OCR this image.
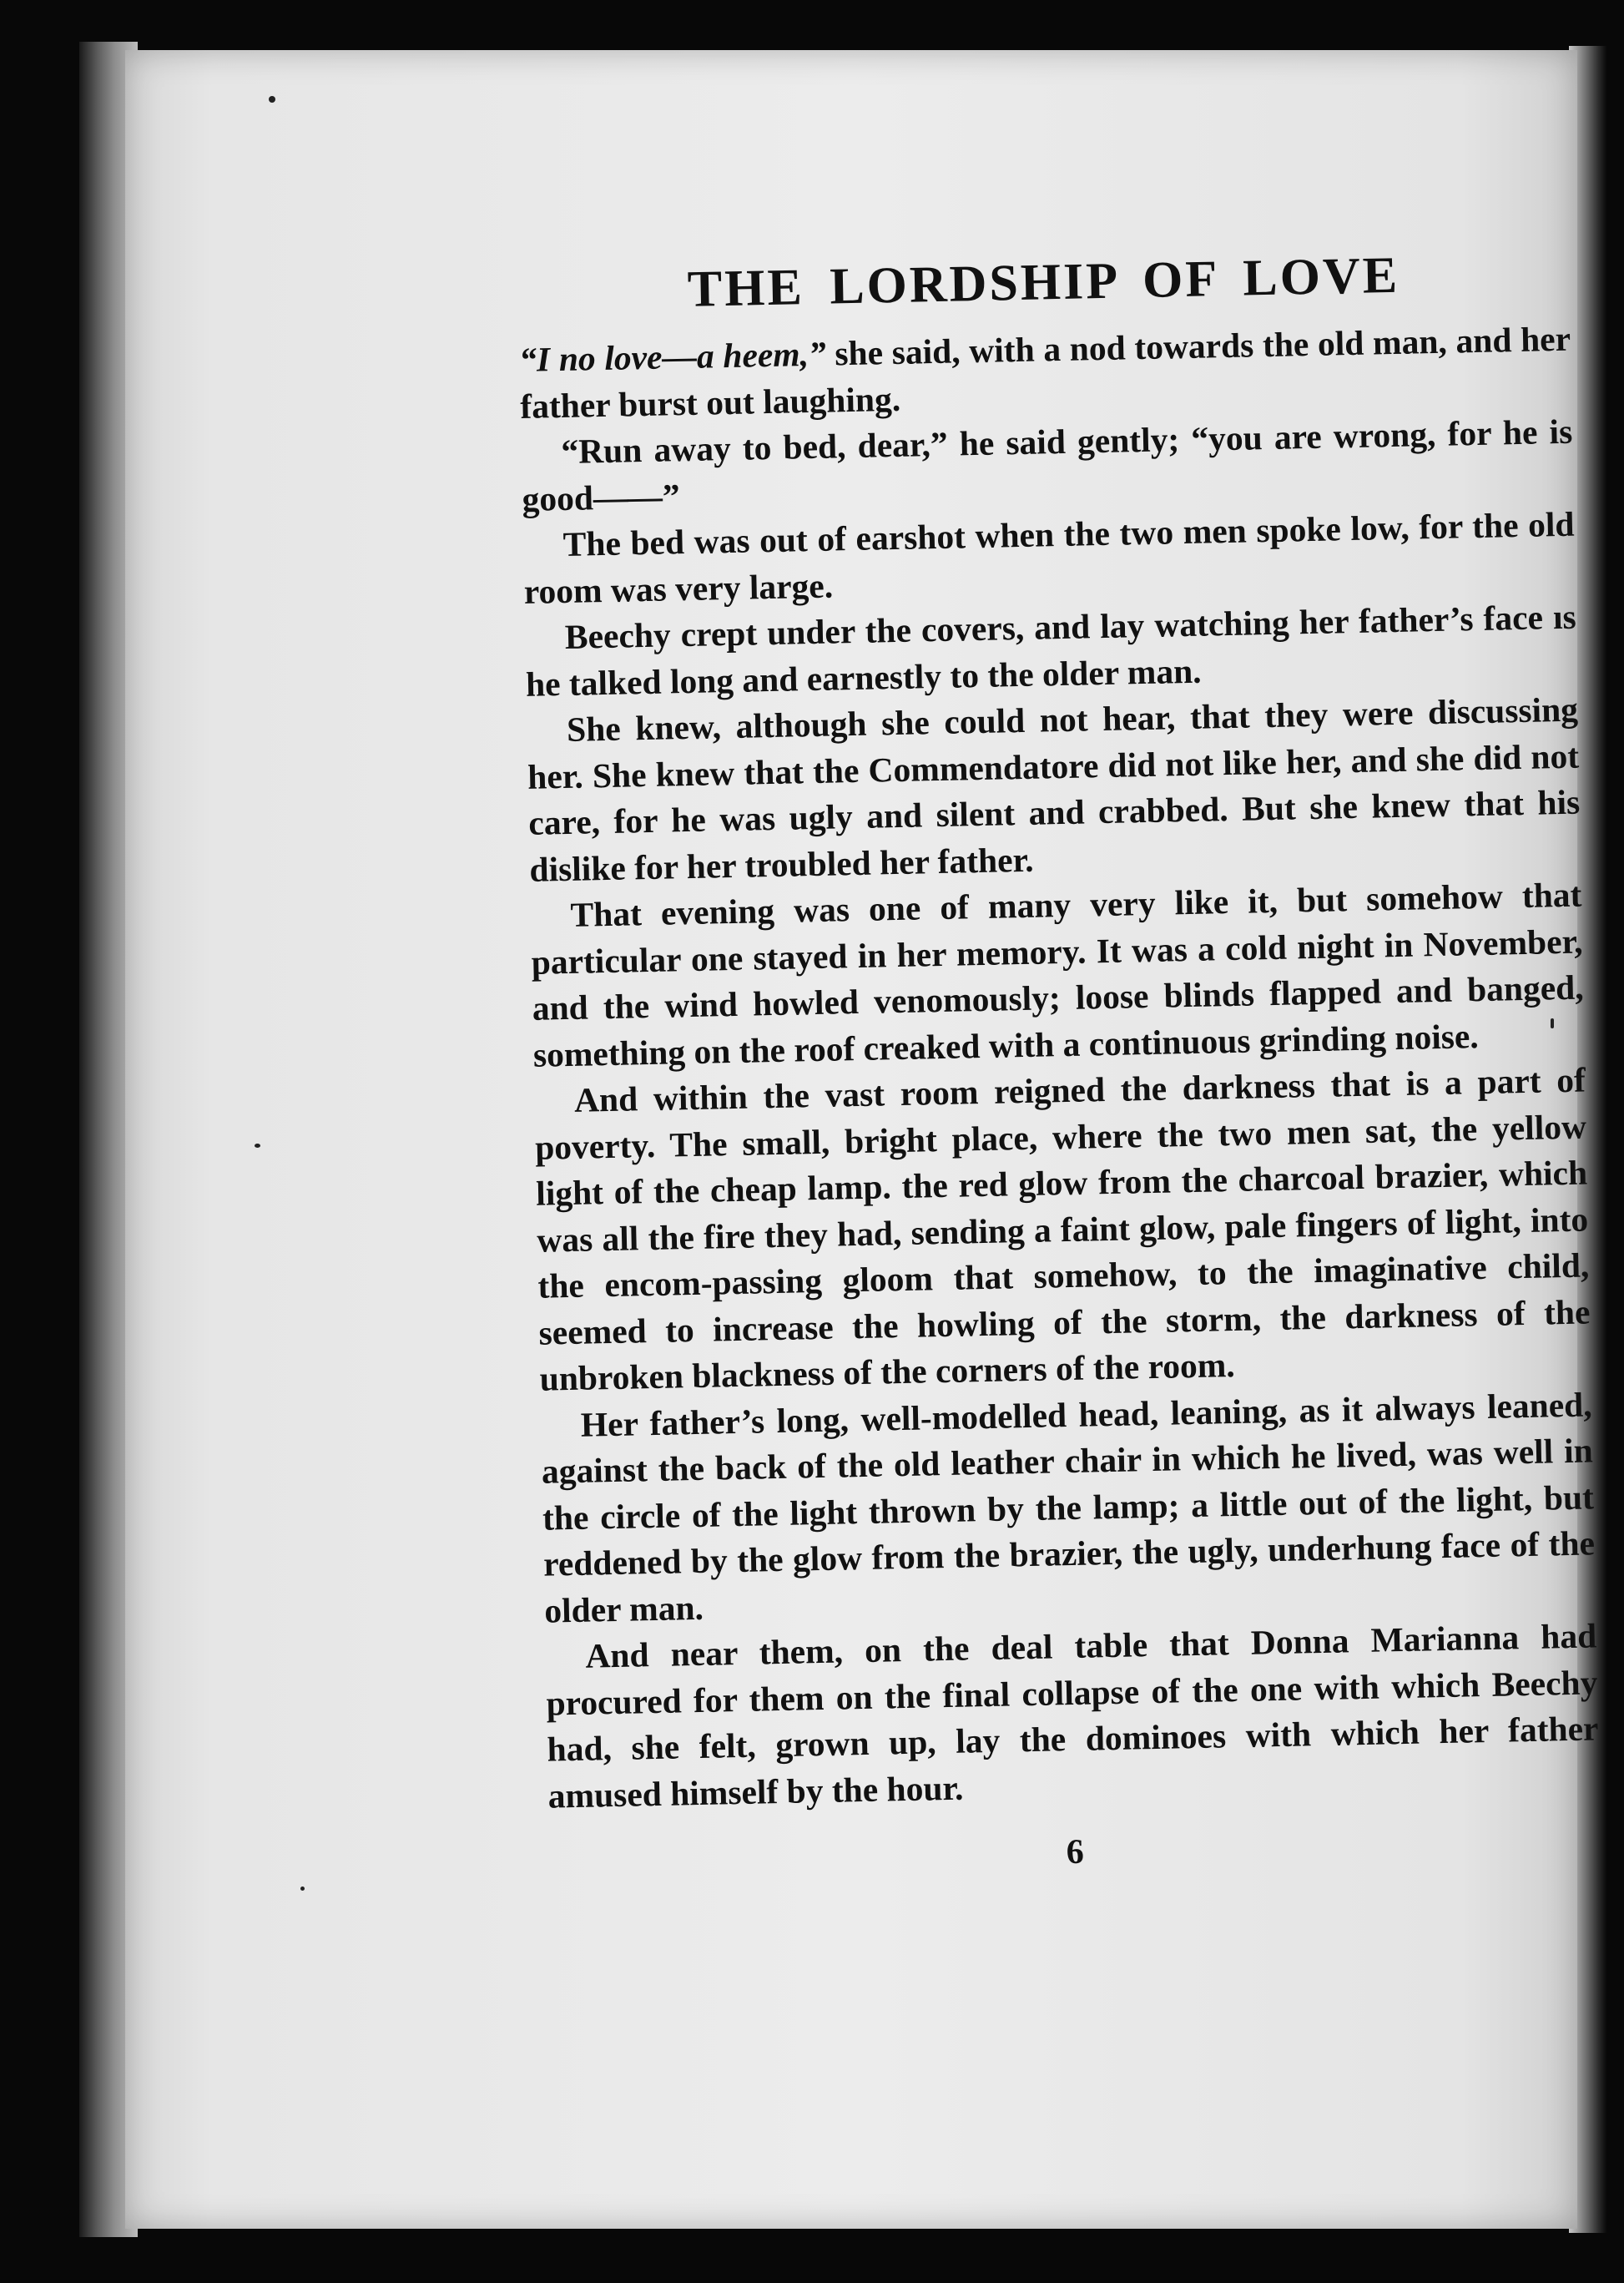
THE LORDSHIP OF LOVE

“I no love—a heem,” she said, with a nod towards the old man, and her father burst out laughing.

“Run away to bed, dear,” he said gently; “you are wrong, for he is good——”

The bed was out of earshot when the two men spoke low, for the old room was very large.

Beechy crept under the covers, and lay watching her father’s face ıs he talked long and earnestly to the older man.

She knew, although she could not hear, that they were discussing her. She knew that the Commendatore did not like her, and she did not care, for he was ugly and silent and crabbed. But she knew that his dislike for her troubled her father.

That evening was one of many very like it, but somehow that particular one stayed in her memory. It was a cold night in November, and the wind howled venomously; loose blinds flapped and banged, something on the roof creaked with a continuous grinding noise.

And within the vast room reigned the darkness that is a part of poverty. The small, bright place, where the two men sat, the yellow light of the cheap lamp. the red glow from the charcoal brazier, which was all the fire they had, sending a faint glow, pale fingers of light, into the encom-passing gloom that somehow, to the imaginative child, seemed to increase the howling of the storm, the darkness of the unbroken blackness of the corners of the room.

Her father’s long, well-modelled head, leaning, as it always leaned, against the back of the old leather chair in which he lived, was well in the circle of the light thrown by the lamp; a little out of the light, but reddened by the glow from the brazier, the ugly, underhung face of the older man.

And near them, on the deal table that Donna Marianna had procured for them on the final collapse of the one with which Beechy had, she felt, grown up, lay the dominoes with which her father amused himself by the hour.

6
